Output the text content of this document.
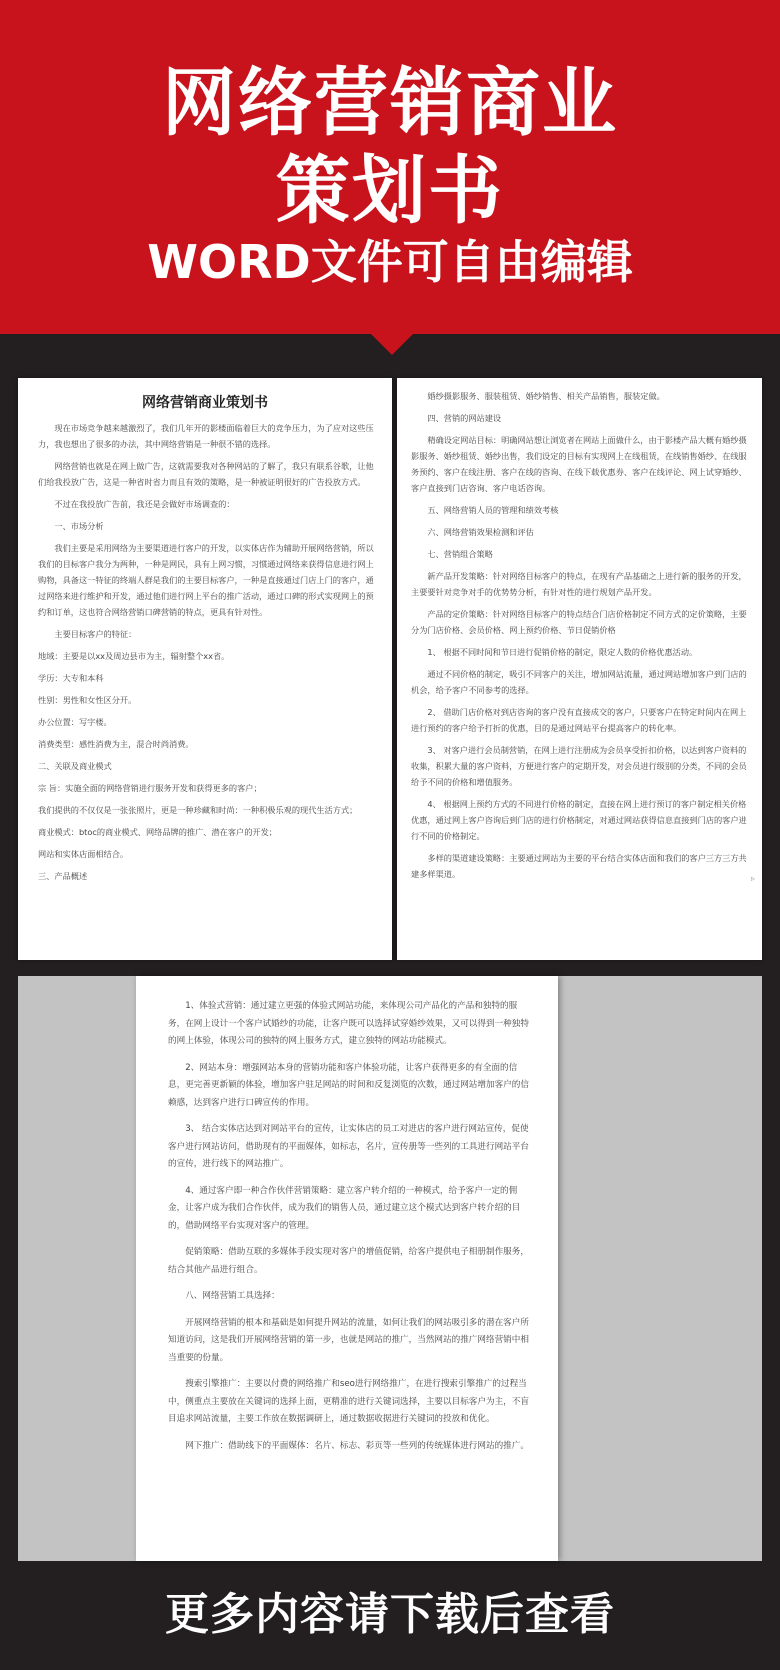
网络营销商业
策划书
WORD文件可自由编辑
网络营销商业策划书

现在市场竞争越来越激烈了，我们几年开的影楼面临着巨大的竞争压力，为了应对这些压力，我也想出了很多的办法，其中网络营销是一种很不错的选择。

网络营销也就是在网上做广告，这就需要我对各种网站的了解了，我只有联系谷歌，让他们给我投放广告，这是一种省时省力而且有效的策略，是一种被证明很好的广告投放方式。

不过在我投放广告前，我还是会做好市场调查的：

一、市场分析

我们主要是采用网络为主要渠道进行客户的开发，以实体店作为辅助开展网络营销，所以我们的目标客户我分为两种，一种是网民，具有上网习惯，习惯通过网络来获得信息进行网上购物，具备这一特征的终端人群是我们的主要目标客户，一种是直接通过门店上门的客户，通过网络来进行维护和开发，通过他们进行网上平台的推广活动，通过口碑的形式实现网上的预约和订单，这也符合网络营销口碑营销的特点，更具有针对性。

主要目标客户的特征：

地域：主要是以xx及周边县市为主，辐射整个xx省。

学历：大专和本科

性别：男性和女性区分开。

办公位置：写字楼。

消费类型：感性消费为主，混合时尚消费。

二、关联及商业模式

宗 旨：实施全面的网络营销进行服务开发和获得更多的客户；

我们提供的不仅仅是一张张照片，更是一种珍藏和时尚：一种积极乐观的现代生活方式；

商业模式：btoc的商业模式、网络品牌的推广、潜在客户的开发；

网站和实体店面相结合。

三、产品概述

婚纱摄影服务、服装租赁、婚纱销售、相关产品销售，服装定做。

四、营销的网站建设

精确设定网站目标：明确网站想让浏览者在网站上面做什么，由于影楼产品大概有婚纱摄影服务、婚纱租赁、婚纱出售，我们设定的目标有实现网上在线租赁，在线销售婚纱、在线服务预约、客户在线注册、客户在线的咨询、在线下载优惠券、客户在线评论、网上试穿婚纱、客户直接到门店咨询、客户电话咨询。

五、网络营销人员的管理和绩效考核

六、网络营销效果检测和评估

七、营销组合策略

新产品开发策略：针对网络目标客户的特点，在现有产品基础之上进行新的服务的开发，主要要针对竞争对手的优势势分析，有针对性的进行规划产品开发。

产品的定价策略：针对网络目标客户的特点结合门店价格制定不同方式的定价策略，主要分为门店价格、会员价格、网上预约价格、节日促销价格

1、 根据不同时间和节日进行促销价格的制定，限定人数的价格优惠活动。

通过不同价格的制定，吸引不同客户的关注，增加网站流量，通过网站增加客户到门店的机会，给予客户不同参考的选择。

2、 借助门店价格对到店咨询的客户没有直接成交的客户，只要客户在特定时间内在网上进行预约的客户给予打折的优惠，目的是通过网站平台提高客户的转化率。

3、 对客户进行会员制营销，在网上进行注册成为会员享受折扣价格，以达到客户资料的收集，积累大量的客户资料，方便进行客户的定期开发，对会员进行级别的分类，不同的会员给予不同的价格和增值服务。

4、 根据网上预约方式的不同进行价格的制定，直接在网上进行预订的客户制定相关价格优惠，通过网上客户咨询后到门店的进行价格制定，对通过网站获得信息直接到门店的客户进行不同的价格制定。

多样的渠道建设策略：主要通过网站为主要的平台结合实体店面和我们的客户三方三方共建多样渠道。	▹

1、体验式营销：通过建立更强的体验式网站功能，来体现公司产品化的产品和独特的服务，在网上设计一个客户试婚纱的功能，让客户既可以选择试穿婚纱效果，又可以得到一种独特的网上体验，体现公司的独特的网上服务方式，建立独特的网站功能模式。

2、网站本身：增强网站本身的营销功能和客户体验功能，让客户获得更多的有全面的信息，更完善更新颖的体验，增加客户驻足网站的时间和反复浏览的次数，通过网站增加客户的信赖感，达到客户进行口碑宣传的作用。

3、 结合实体店达到对网站平台的宣传，让实体店的员工对进店的客户进行网站宣传，促使客户进行网站访问，借助现有的平面媒体，如标志，名片，宣传册等一些列的工具进行网站平台的宣传，进行线下的网站推广。

4、通过客户即一种合作伙伴营销策略：建立客户转介绍的一种模式，给予客户一定的佣金，让客户成为我们合作伙伴，成为我们的销售人员，通过建立这个模式达到客户转介绍的目的，借助网络平台实现对客户的管理。

促销策略：借助互联的多媒体手段实现对客户的增值促销，给客户提供电子相册制作服务，结合其他产品进行组合。

八、网络营销工具选择：

开展网络营销的根本和基础是如何提升网站的流量，如何让我们的网站吸引多的潜在客户所知道访问，这是我们开展网络营销的第一步，也就是网站的推广，当然网站的推广网络营销中相当重要的份量。

搜索引擎推广：主要以付费的网络推广和seo进行网络推广，在进行搜索引擎推广的过程当中，侧重点主要放在关键词的选择上面，更精准的进行关键词选择，主要以目标客户为主，不盲目追求网站流量，主要工作放在数据调研上，通过数据收据进行关键词的投放和优化。

网下推广：借助线下的平面媒体：名片、标志、彩页等一些列的传统媒体进行网站的推广。

更多内容请下载后查看
